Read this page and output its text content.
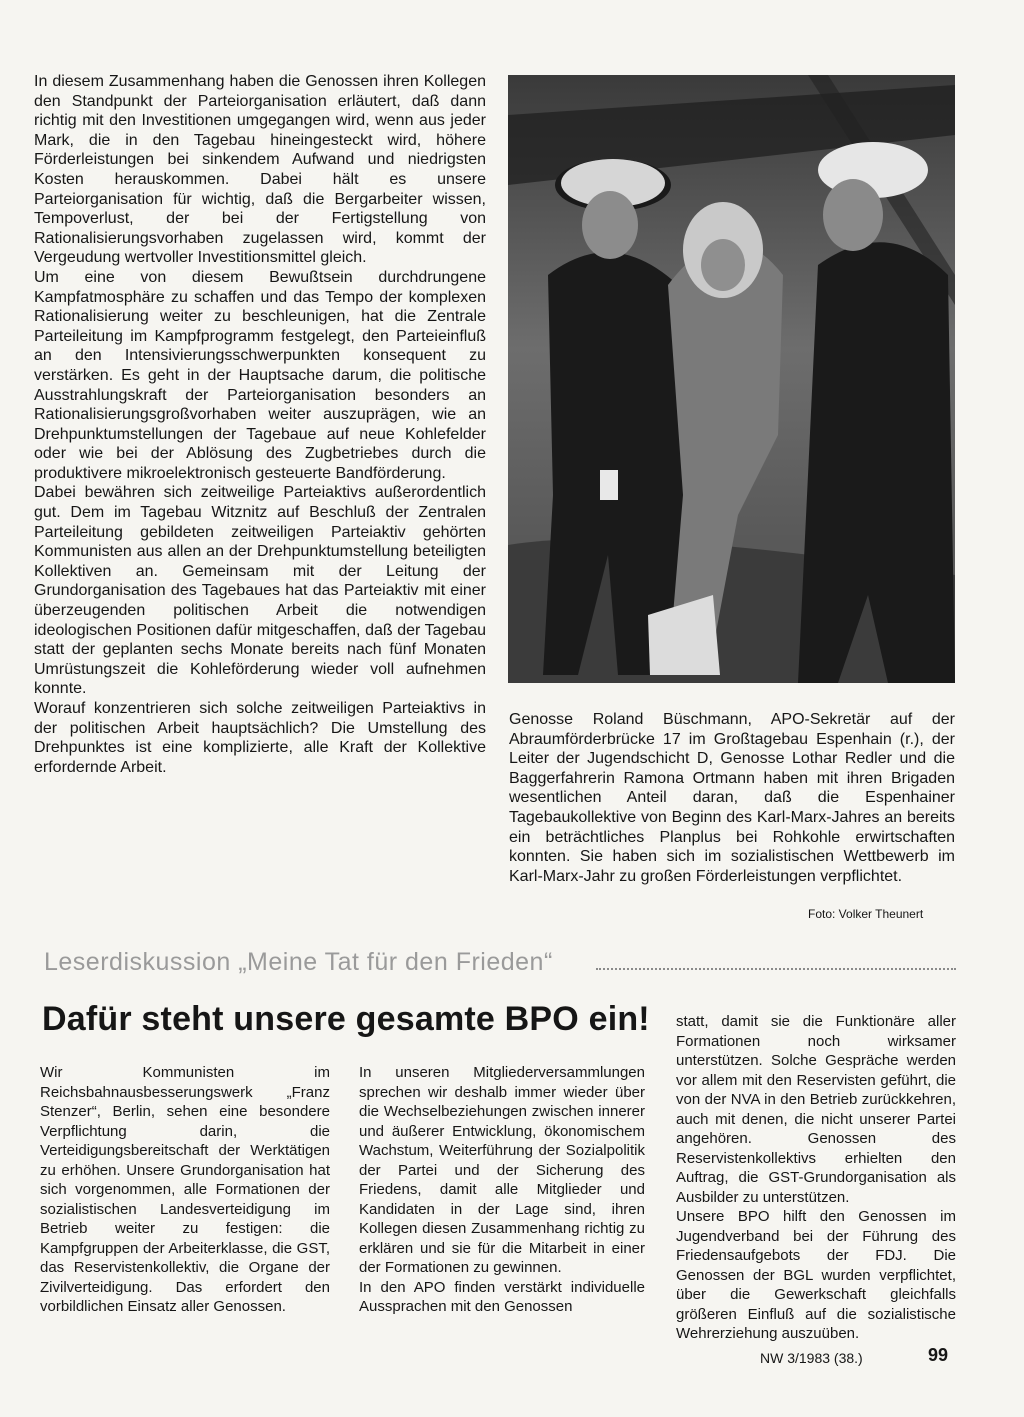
In diesem Zusammenhang haben die Genossen ihren Kollegen den Standpunkt der Parteiorganisation erläutert, daß dann richtig mit den Investitionen umgegangen wird, wenn aus jeder Mark, die in den Tagebau hineingesteckt wird, höhere Förderleistungen bei sinkendem Aufwand und niedrigsten Kosten herauskommen. Dabei hält es unsere Parteiorganisation für wichtig, daß die Bergarbeiter wissen, Tempoverlust, der bei der Fertigstellung von Rationalisierungsvorhaben zugelassen wird, kommt der Vergeudung wertvoller Investitionsmittel gleich.

Um eine von diesem Bewußtsein durchdrungene Kampfatmosphäre zu schaffen und das Tempo der komplexen Rationalisierung weiter zu beschleunigen, hat die Zentrale Parteileitung im Kampfprogramm festgelegt, den Parteieinfluß an den Intensivierungsschwerpunkten konsequent zu verstärken. Es geht in der Hauptsache darum, die politische Ausstrahlungskraft der Parteiorganisation besonders an Rationalisierungsgroßvorhaben weiter auszuprägen, wie an Drehpunktumstellungen der Tagebaue auf neue Kohlefelder oder wie bei der Ablösung des Zugbetriebes durch die produktivere mikroelektronisch gesteuerte Bandförderung.

Dabei bewähren sich zeitweilige Parteiaktivs außerordentlich gut. Dem im Tagebau Witznitz auf Beschluß der Zentralen Parteileitung gebildeten zeitweiligen Parteiaktiv gehörten Kommunisten aus allen an der Drehpunktumstellung beteiligten Kollektiven an. Gemeinsam mit der Leitung der Grundorganisation des Tagebaues hat das Parteiaktiv mit einer überzeugenden politischen Arbeit die notwendigen ideologischen Positionen dafür mitgeschaffen, daß der Tagebau statt der geplanten sechs Monate bereits nach fünf Monaten Umrüstungszeit die Kohleförderung wieder voll aufnehmen konnte.

Worauf konzentrieren sich solche zeitweiligen Parteiaktivs in der politischen Arbeit hauptsächlich? Die Umstellung des Drehpunktes ist eine komplizierte, alle Kraft der Kollektive erfordernde Arbeit.

Genosse Roland Büschmann, APO-Sekretär auf der Abraumförderbrücke 17 im Großtagebau Espenhain (r.), der Leiter der Jugendschicht D, Genosse Lothar Redler und die Baggerfahrerin Ramona Ortmann haben mit ihren Brigaden wesentlichen Anteil daran, daß die Espenhainer Tagebaukollektive von Beginn des Karl-Marx-Jahres an bereits ein beträchtliches Planplus bei Rohkohle erwirtschaften konnten. Sie haben sich im sozialistischen Wettbewerb im Karl-Marx-Jahr zu großen Förderleistungen verpflichtet.

Foto: Volker Theunert
Leserdiskussion „Meine Tat für den Frieden“
Dafür steht unsere gesamte BPO ein!

Wir Kommunisten im Reichsbahnausbesserungswerk „Franz Stenzer“, Berlin, sehen eine besondere Verpflichtung darin, die Verteidigungsbereitschaft der Werktätigen zu erhöhen. Unsere Grundorganisation hat sich vorgenommen, alle Formationen der sozialistischen Landesverteidigung im Betrieb weiter zu festigen: die Kampfgruppen der Arbeiterklasse, die GST, das Reservistenkollektiv, die Organe der Zivilverteidigung. Das erfordert den vorbildlichen Einsatz aller Genossen.

In unseren Mitgliederversammlungen sprechen wir deshalb immer wieder über die Wechselbeziehungen zwischen innerer und äußerer Entwicklung, ökonomischem Wachstum, Weiterführung der Sozialpolitik der Partei und der Sicherung des Friedens, damit alle Mitglieder und Kandidaten in der Lage sind, ihren Kollegen diesen Zusammenhang richtig zu erklären und sie für die Mitarbeit in einer der Formationen zu gewinnen.

In den APO finden verstärkt individuelle Aussprachen mit den Genossen

statt, damit sie die Funktionäre aller Formationen noch wirksamer unterstützen. Solche Gespräche werden vor allem mit den Reservisten geführt, die von der NVA in den Betrieb zurückkehren, auch mit denen, die nicht unserer Partei angehören. Genossen des Reservistenkollektivs erhielten den Auftrag, die GST-Grundorganisation als Ausbilder zu unterstützen.

Unsere BPO hilft den Genossen im Jugendverband bei der Führung des Friedensaufgebots der FDJ. Die Genossen der BGL wurden verpflichtet, über die Gewerkschaft gleichfalls größeren Einfluß auf die sozialistische Wehrerziehung auszuüben.

NW 3/1983 (38.)	99
